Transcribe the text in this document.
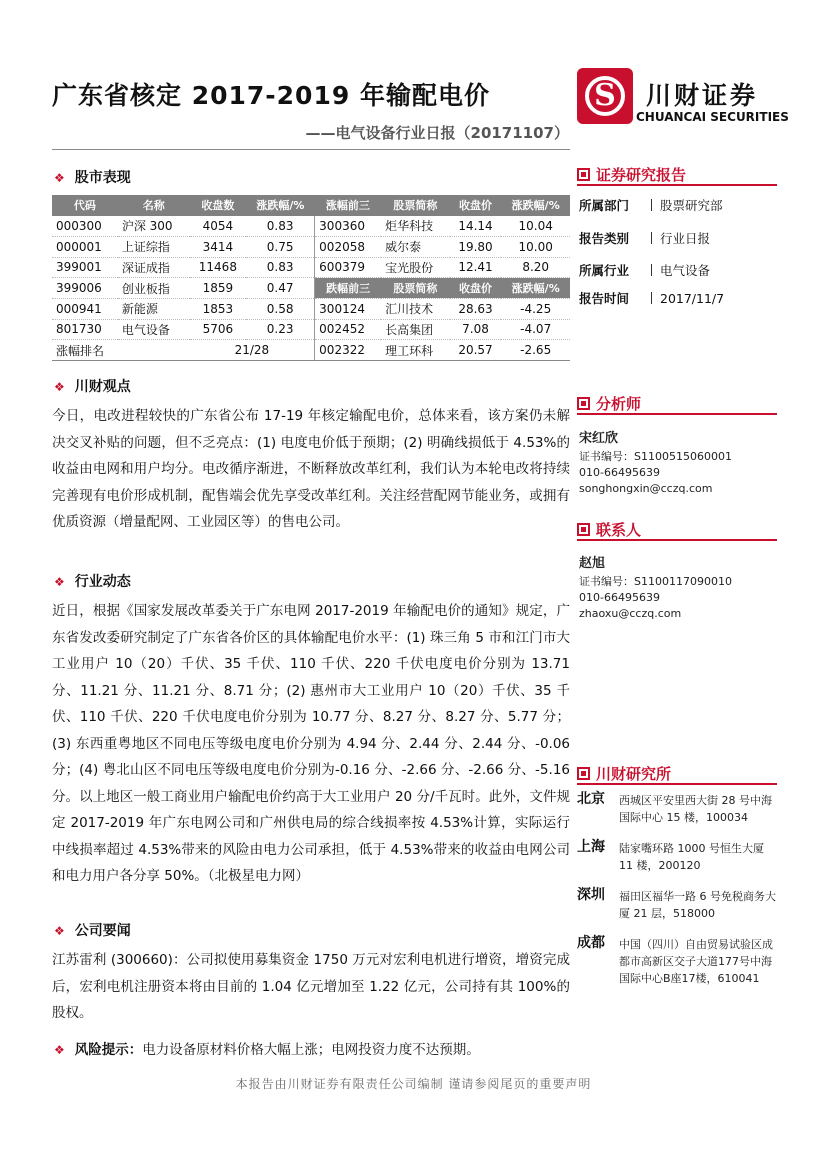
广东省核定 2017-2019 年输配电价
——电气设备行业日报（20171107）
S	川财证券
CHUANCAI SECURITIES
❖ 股市表现
代码	名称	收盘数	涨跌幅/%	涨幅前三	股票简称	收盘价	涨跌幅/%
000300	沪深 300	4054	0.83	300360	炬华科技	14.14	10.04
000001	上证综指	3414	0.75	002058	威尔泰	19.80	10.00
399001	深证成指	11468	0.83	600379	宝光股份	12.41	8.20
399006	创业板指	1859	0.47	跌幅前三	股票简称	收盘价	涨跌幅/%
000941	新能源	1853	0.58	300124	汇川技术	28.63	-4.25
801730	电气设备	5706	0.23	002452	长高集团	7.08	-4.07
涨幅排名		21/28		002322	理工环科	20.57	-2.65
❖ 川财观点

今日，电改进程较快的广东省公布 17-19 年核定输配电价，总体来看，该方案仍未解决交叉补贴的问题，但不乏亮点：(1) 电度电价低于预期；(2) 明确线损低于 4.53%的收益由电网和用户均分。电改循序渐进，不断释放改革红利，我们认为本轮电改将持续完善现有电价形成机制，配售端会优先享受改革红利。关注经营配网节能业务，或拥有优质资源（增量配网、工业园区等）的售电公司。

❖ 行业动态

近日，根据《国家发展改革委关于广东电网 2017-2019 年输配电价的通知》规定，广东省发改委研究制定了广东省各价区的具体输配电价水平：(1) 珠三角 5 市和江门市大工业用户 10（20）千伏、35 千伏、110 千伏、220 千伏电度电价分别为 13.71 分、11.21 分、11.21 分、8.71 分；(2) 惠州市大工业用户 10（20）千伏、35 千伏、110 千伏、220 千伏电度电价分别为 10.77 分、8.27 分、8.27 分、5.77 分；(3) 东西重粤地区不同电压等级电度电价分别为 4.94 分、2.44 分、2.44 分、-0.06 分；(4) 粤北山区不同电压等级电度电价分别为-0.16 分、-2.66 分、-2.66 分、-5.16 分。以上地区一般工商业用户输配电价约高于大工业用户 20 分/千瓦时。此外，文件规定 2017-2019 年广东电网公司和广州供电局的综合线损率按 4.53%计算，实际运行中线损率超过 4.53%带来的风险由电力公司承担，低于 4.53%带来的收益由电网公司和电力用户各分享 50%。（北极星电力网）

❖ 公司要闻

江苏雷利 (300660)：公司拟使用募集资金 1750 万元对宏利电机进行增资，增资完成后，宏利电机注册资本将由目前的 1.04 亿元增加至 1.22 亿元，公司持有其 100%的股权。

❖ 风险提示：电力设备原材料价格大幅上涨；电网投资力度不达预期。
证券研究报告
所属部门 股票研究部
报告类别 行业日报
所属行业 电气设备
报告时间 2017/11/7
分析师
宋红欣
证书编号：S1100515060001
010-66495639
songhongxin@cczq.com
联系人
赵旭
证书编号：S1100117090010
010-66495639
zhaoxu@cczq.com
川财研究所
北京 西城区平安里西大街 28 号中海国际中心 15 楼，100034
上海 陆家嘴环路 1000 号恒生大厦 11 楼，200120
深圳 福田区福华一路 6 号免税商务大厦 21 层，518000
成都 中国（四川）自由贸易试验区成都市高新区交子大道177号中海国际中心B座17楼，610041
本报告由川财证券有限责任公司编制 谨请参阅尾页的重要声明
